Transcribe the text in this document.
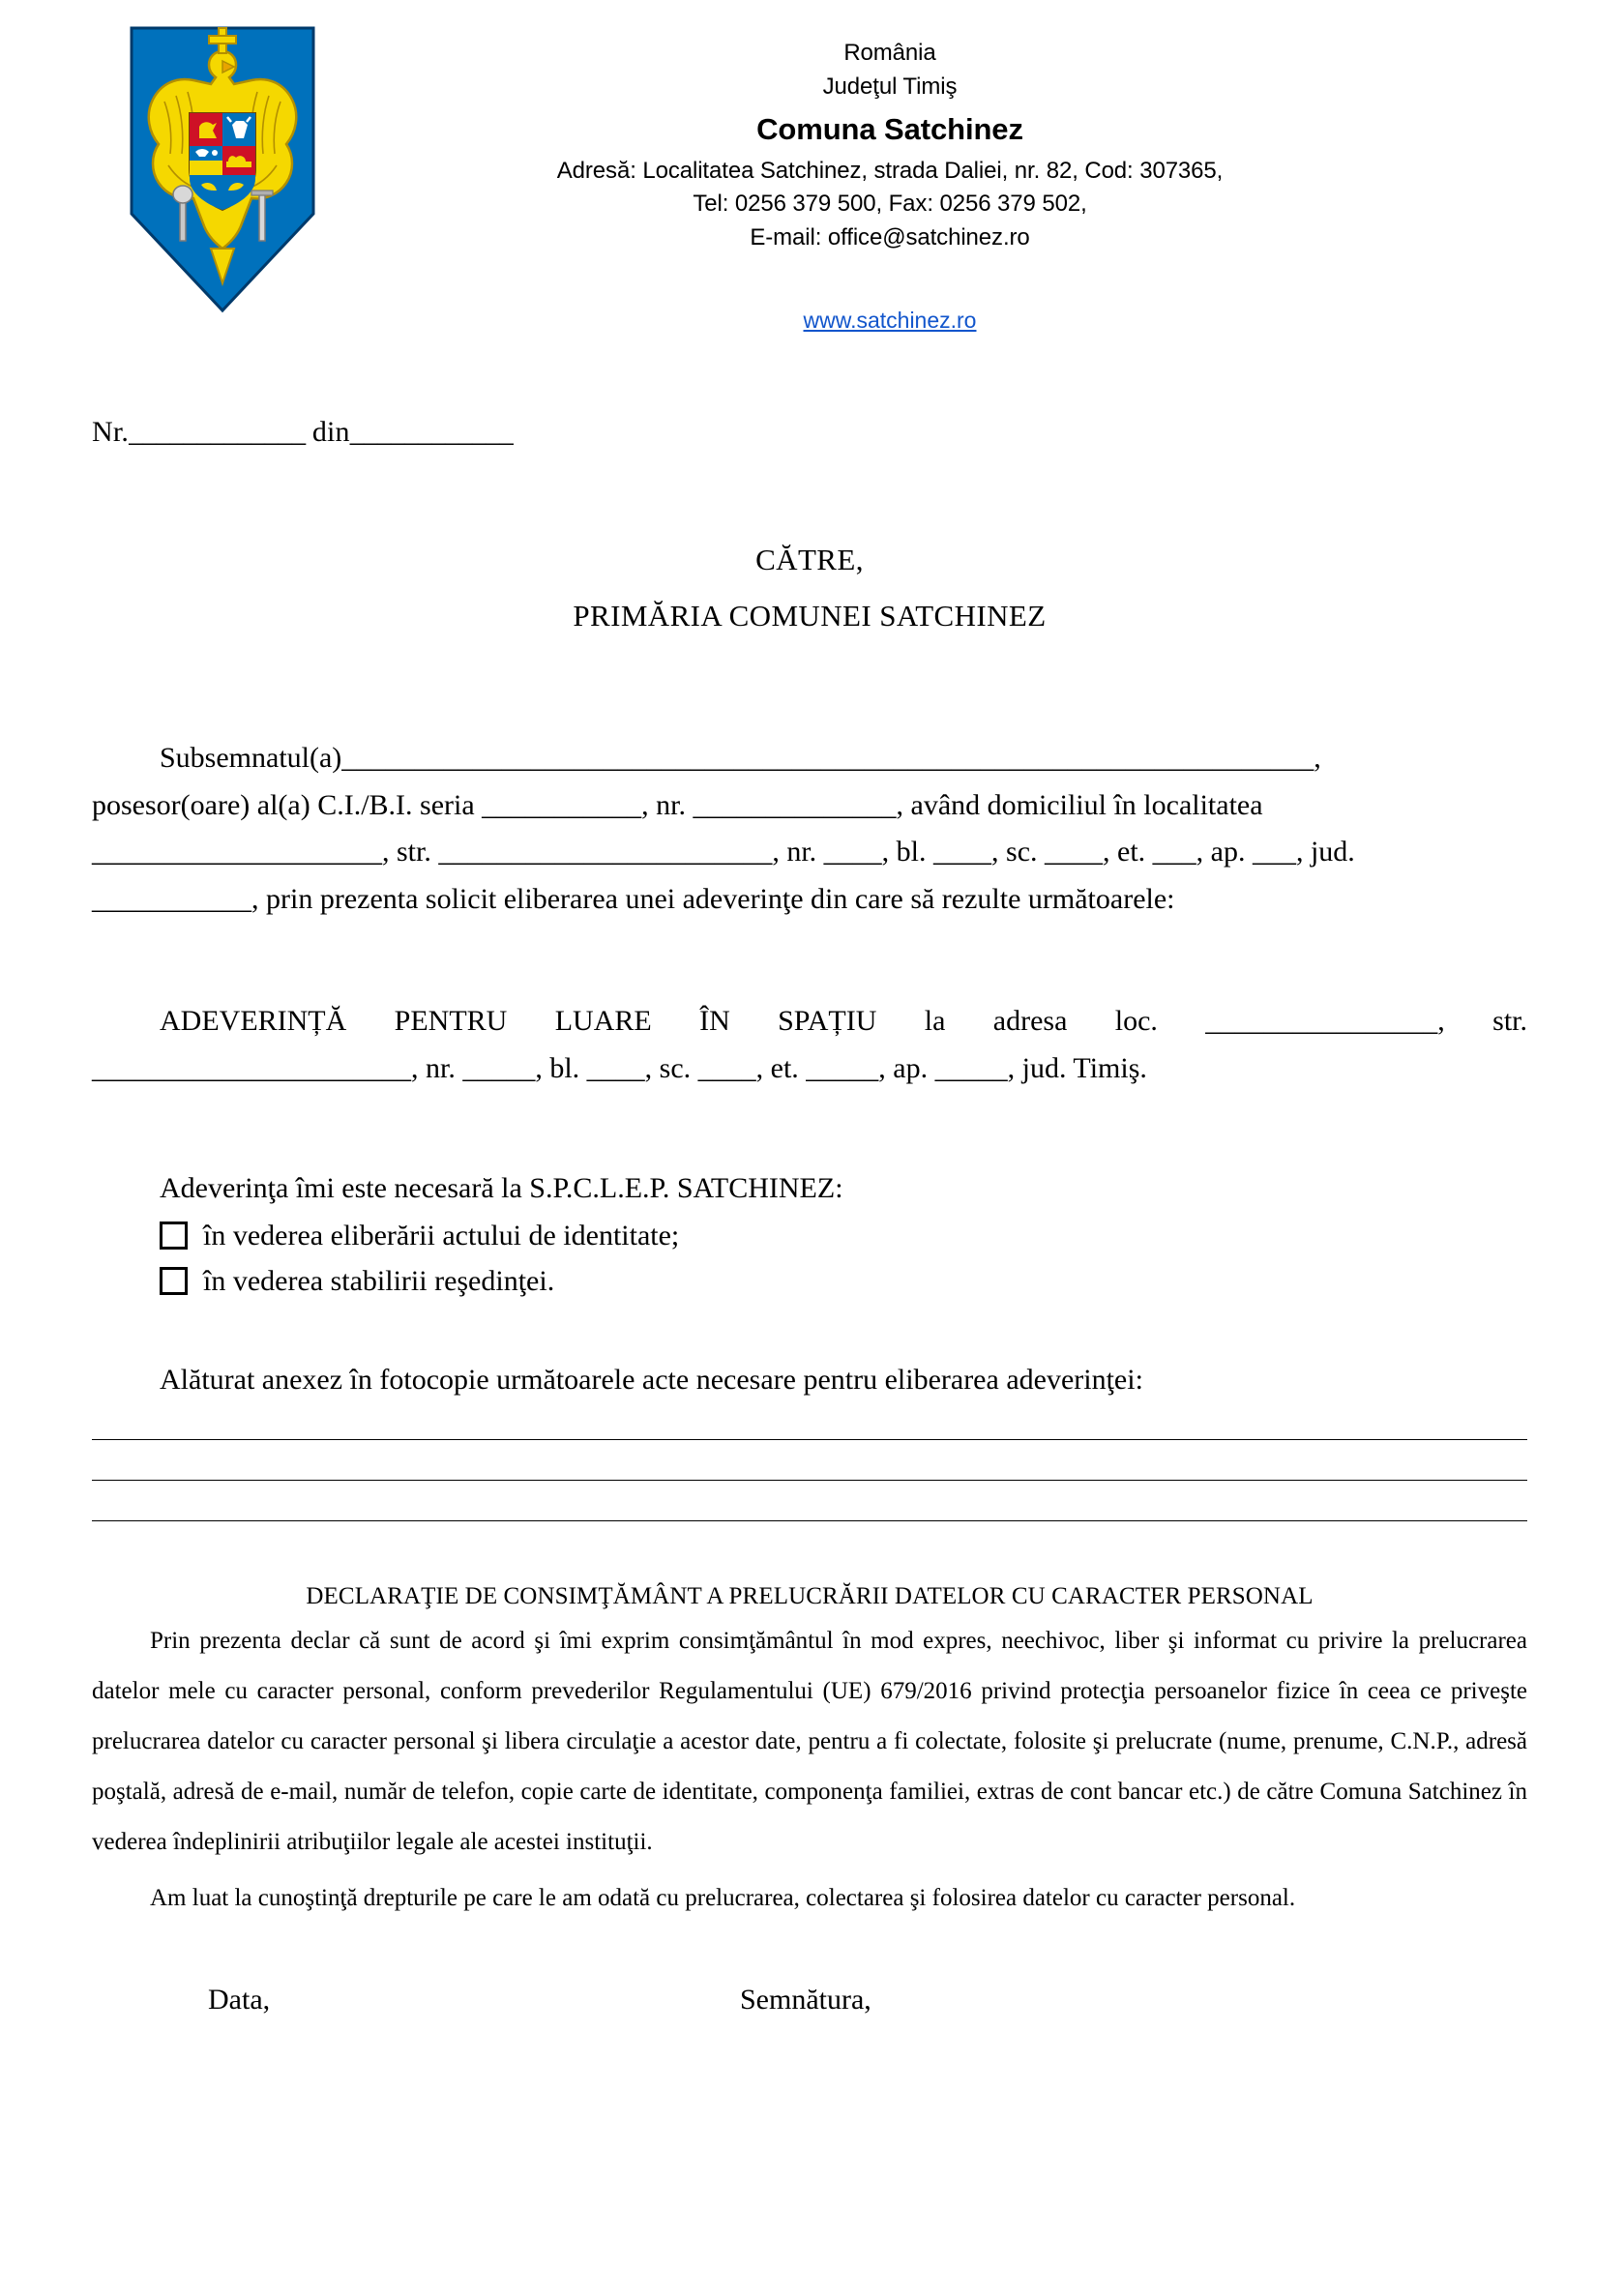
România
Judeţul Timiş
Comuna Satchinez
Adresă: Localitatea Satchinez, strada Daliei, nr. 82, Cod: 307365,
Tel: 0256 379 500, Fax: 0256 379 502,
E-mail: office@satchinez.ro
www.satchinez.ro
Nr._____________ din____________
CĂTRE,
PRIMĂRIA COMUNEI SATCHINEZ

Subsemnatul(a)___________________________________________________________________,

posesor(oare) al(a) C.I./B.I. seria ___________, nr. ______________, având domiciliul în localitatea

____________________, str. _______________________, nr. ____, bl. ____, sc. ____, et. ___, ap. ___, jud.

___________, prin prezenta solicit eliberarea unei adeverinţe din care să rezulte următoarele:

ADEVERINȚĂ PENTRU LUARE ÎN SPAȚIU la adresa loc. ________________, str.

______________________, nr. _____, bl. ____, sc. ____, et. _____, ap. _____, jud. Timiş.

Adeverinţa îmi este necesară la S.P.C.L.E.P. SATCHINEZ:
în vederea eliberării actului de identitate;
în vederea stabilirii reşedinţei.
Alăturat anexez în fotocopie următoarele acte necesare pentru eliberarea adeverinţei:
DECLARAŢIE DE CONSIMŢĂMÂNT A PRELUCRĂRII DATELOR CU CARACTER PERSONAL

Prin prezenta declar că sunt de acord şi îmi exprim consimţământul în mod expres, neechivoc, liber şi informat cu privire la prelucrarea datelor mele cu caracter personal, conform prevederilor Regulamentului (UE) 679/2016 privind protecţia persoanelor fizice în ceea ce priveşte prelucrarea datelor cu caracter personal şi libera circulaţie a acestor date, pentru a fi colectate, folosite şi prelucrate (nume, prenume, C.N.P., adresă poştală, adresă de e-mail, număr de telefon, copie carte de identitate, componenţa familiei, extras de cont bancar etc.) de către Comuna Satchinez în vederea îndeplinirii atribuţiilor legale ale acestei instituţii.

Am luat la cunoştinţă drepturile pe care le am odată cu prelucrarea, colectarea şi folosirea datelor cu caracter personal.

Data,	Semnătura,
